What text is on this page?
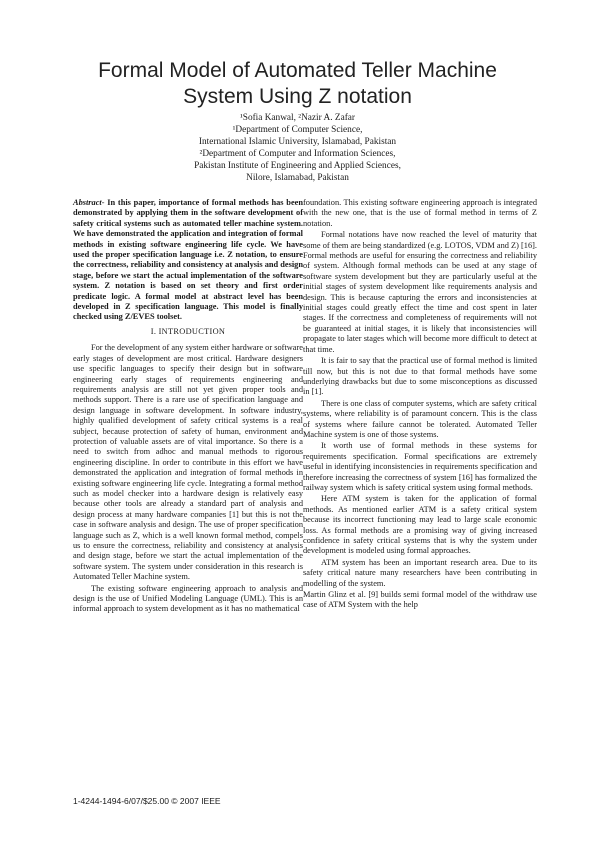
Formal Model of Automated Teller Machine
System Using Z notation
¹Sofia Kanwal, ²Nazir A. Zafar
¹Department of Computer Science,
International Islamic University, Islamabad, Pakistan
²Department of Computer and Information Sciences,
Pakistan Institute of Engineering and Applied Sciences,
Nilore, Islamabad, Pakistan
Abstract- In this paper, importance of formal methods has been demonstrated by applying them in the software development of safety critical systems such as automated teller machine system. We have demonstrated the application and integration of formal methods in existing software engineering life cycle. We have used the proper specification language i.e. Z notation, to ensure the correctness, reliability and consistency at analysis and design stage, before we start the actual implementation of the software system. Z notation is based on set theory and first order predicate logic. A formal model at abstract level has been developed in Z specification language. This model is finally checked using Z/EVES toolset.
I. INTRODUCTION

For the development of any system either hardware or software early stages of development are most critical. Hardware designers use specific languages to specify their design but in software engineering early stages of requirements engineering and requirements analysis are still not yet given proper tools and methods support. There is a rare use of specification language and design language in software development. In software industry, highly qualified development of safety critical systems is a real subject, because protection of safety of human, environment and protection of valuable assets are of vital importance. So there is a need to switch from adhoc and manual methods to rigorous engineering discipline. In order to contribute in this effort we have demonstrated the application and integration of formal methods in existing software engineering life cycle. Integrating a formal method such as model checker into a hardware design is relatively easy because other tools are already a standard part of analysis and design process at many hardware companies [1] but this is not the case in software analysis and design. The use of proper specification language such as Z, which is a well known formal method, compels us to ensure the correctness, reliability and consistency at analysis and design stage, before we start the actual implementation of the software system. The system under consideration in this research is Automated Teller Machine system.

The existing software engineering approach to analysis and design is the use of Unified Modeling Language (UML). This is an informal approach to system development as it has no mathematical

foundation. This existing software engineering approach is integrated with the new one, that is the use of formal method in terms of Z notation.

Formal notations have now reached the level of maturity that some of them are being standardized (e.g. LOTOS, VDM and Z) [16]. Formal methods are useful for ensuring the correctness and reliability of system. Although formal methods can be used at any stage of software system development but they are particularly useful at the initial stages of system development like requirements analysis and design. This is because capturing the errors and inconsistencies at initial stages could greatly effect the time and cost spent in later stages. If the correctness and completeness of requirements will not be guaranteed at initial stages, it is likely that inconsistencies will propagate to later stages which will become more difficult to detect at that time.

It is fair to say that the practical use of formal method is limited till now, but this is not due to that formal methods have some underlying drawbacks but due to some misconceptions as discussed in [1].

There is one class of computer systems, which are safety critical systems, where reliability is of paramount concern. This is the class of systems where failure cannot be tolerated. Automated Teller Machine system is one of those systems.

It worth use of formal methods in these systems for requirements specification. Formal specifications are extremely useful in identifying inconsistencies in requirements specification and therefore increasing the correctness of system [16] has formalized the railway system which is safety critical system using formal methods.

Here ATM system is taken for the application of formal methods. As mentioned earlier ATM is a safety critical system because its incorrect functioning may lead to large scale economic loss. As formal methods are a promising way of giving increased confidence in safety critical systems that is why the system under development is modeled using formal approaches.

ATM system has been an important research area. Due to its safety critical nature many researchers have been contributing in modelling of the system.

Martin Glinz et al. [9] builds semi formal model of the withdraw use case of ATM System with the help

1-4244-1494-6/07/$25.00 © 2007 IEEE
